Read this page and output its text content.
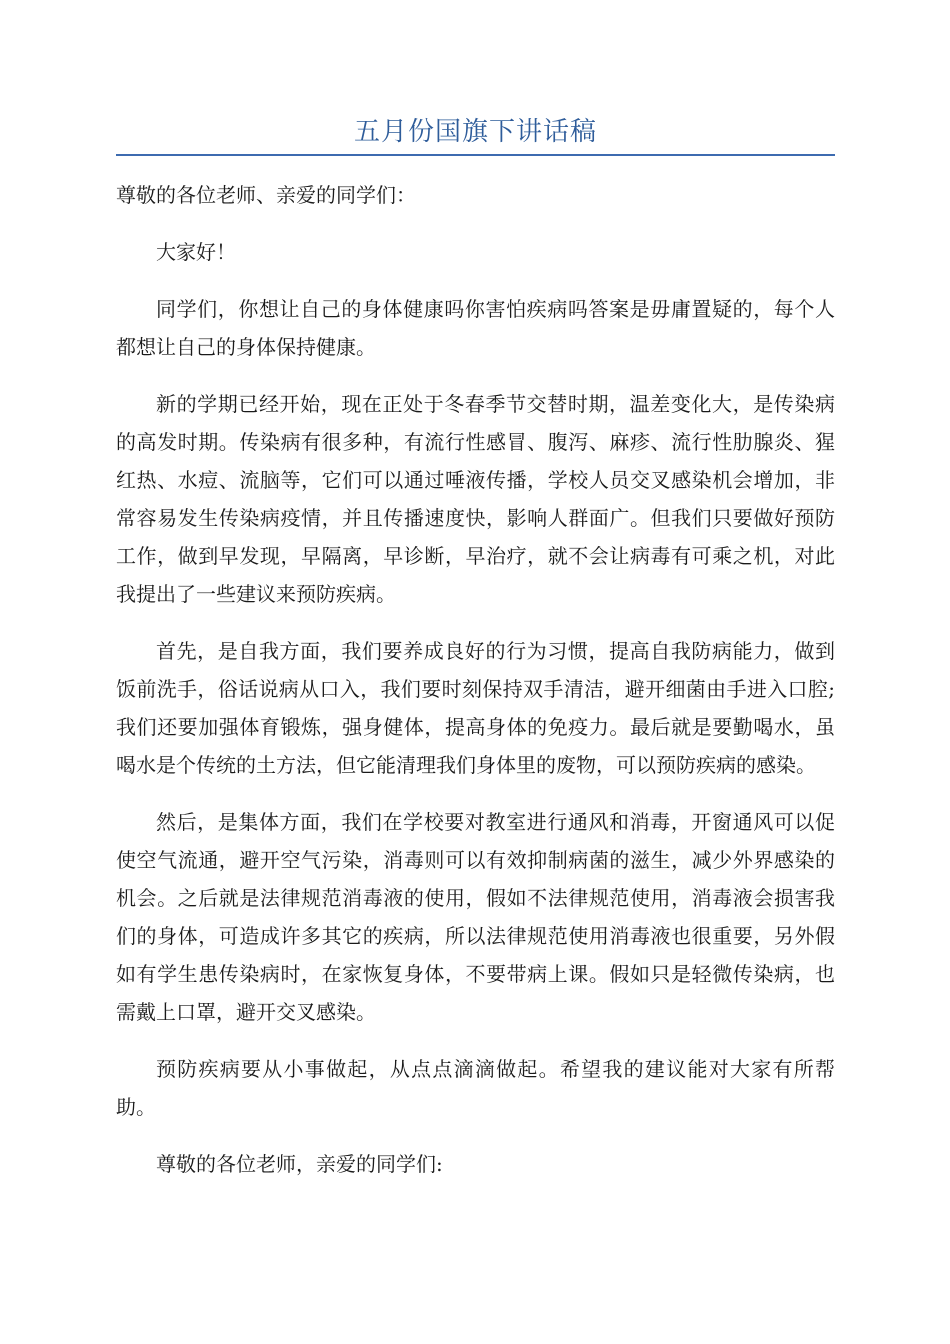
五月份国旗下讲话稿

尊敬的各位老师、亲爱的同学们：

大家好！

同学们，你想让自己的身体健康吗你害怕疾病吗答案是毋庸置疑的，每个人都想让自己的身体保持健康。

新的学期已经开始，现在正处于冬春季节交替时期，温差变化大，是传染病的高发时期。传染病有很多种，有流行性感冒、腹泻、麻疹、流行性肋腺炎、猩红热、水痘、流脑等，它们可以通过唾液传播，学校人员交叉感染机会增加，非常容易发生传染病疫情，并且传播速度快，影响人群面广。但我们只要做好预防工作，做到早发现，早隔离，早诊断，早治疗，就不会让病毒有可乘之机，对此我提出了一些建议来预防疾病。

首先，是自我方面，我们要养成良好的行为习惯，提高自我防病能力，做到饭前洗手，俗话说病从口入，我们要时刻保持双手清洁，避开细菌由手进入口腔;我们还要加强体育锻炼，强身健体，提高身体的免疫力。最后就是要勤喝水，虽喝水是个传统的土方法，但它能清理我们身体里的废物，可以预防疾病的感染。

然后，是集体方面，我们在学校要对教室进行通风和消毒，开窗通风可以促使空气流通，避开空气污染，消毒则可以有效抑制病菌的滋生，减少外界感染的机会。之后就是法律规范消毒液的使用，假如不法律规范使用，消毒液会损害我们的身体，可造成许多其它的疾病，所以法律规范使用消毒液也很重要，另外假如有学生患传染病时，在家恢复身体，不要带病上课。假如只是轻微传染病，也需戴上口罩，避开交叉感染。

预防疾病要从小事做起，从点点滴滴做起。希望我的建议能对大家有所帮助。

尊敬的各位老师，亲爱的同学们:
